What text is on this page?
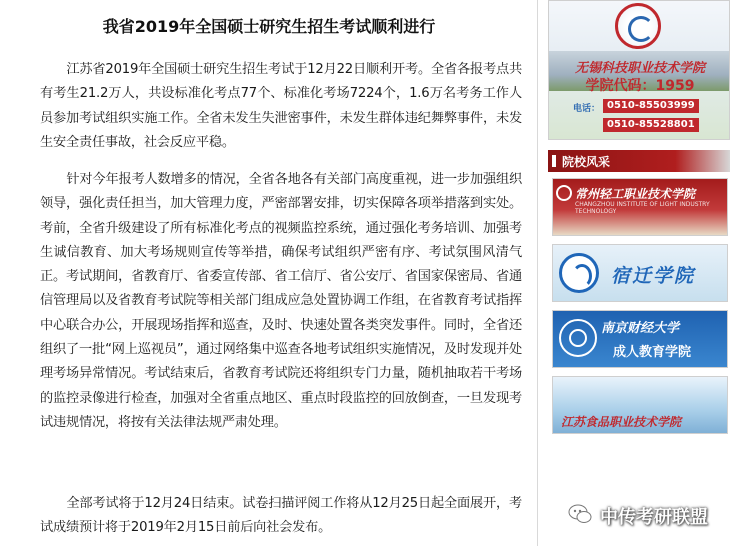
我省2019年全国硕士研究生招生考试顺利进行

江苏省2019年全国硕士研究生招生考试于12月22日顺利开考。全省各报考点共有考生21.2万人，共设标准化考点77个、标准化考场7224个，1.6万名考务工作人员参加考试组织实施工作。全省未发生失泄密事件，未发生群体违纪舞弊事件，未发生安全责任事故，社会反应平稳。

针对今年报考人数增多的情况，全省各地各有关部门高度重视，进一步加强组织领导，强化责任担当，加大管理力度，严密部署安排，切实保障各项举措落到实处。考前，全省升级建设了所有标准化考点的视频监控系统，通过强化考务培训、加强考生诚信教育、加大考场规则宣传等举措，确保考试组织严密有序、考试氛围风清气正。考试期间，省教育厅、省委宣传部、省工信厅、省公安厅、省国家保密局、省通信管理局以及省教育考试院等相关部门组成应急处置协调工作组，在省教育考试指挥中心联合办公，开展现场指挥和巡查，及时、快速处置各类突发事件。同时，全省还组织了一批“网上巡视员”，通过网络集中巡查各地考试组织实施情况，及时发现并处理考场异常情况。考试结束后，省教育考试院还将组织专门力量，随机抽取若干考场的监控录像进行检查，加强对全省重点地区、重点时段监控的回放倒查，一旦发现考试违规情况，将按有关法律法规严肃处理。

全部考试将于12月24日结束。试卷扫描评阅工作将从12月25日起全面展开，考试成绩预计将于2019年2月15日前后向社会发布。

无锡科技职业技术学院
学院代码：1959
电话： 0510-85503999
0510-85528801
院校风采
常州轻工职业技术学院
CHANGZHOU INSTITUTE OF LIGHT INDUSTRY TECHNOLOGY
宿迁学院
南京财经大学
成人教育学院
江苏食品职业技术学院
中传考研联盟
